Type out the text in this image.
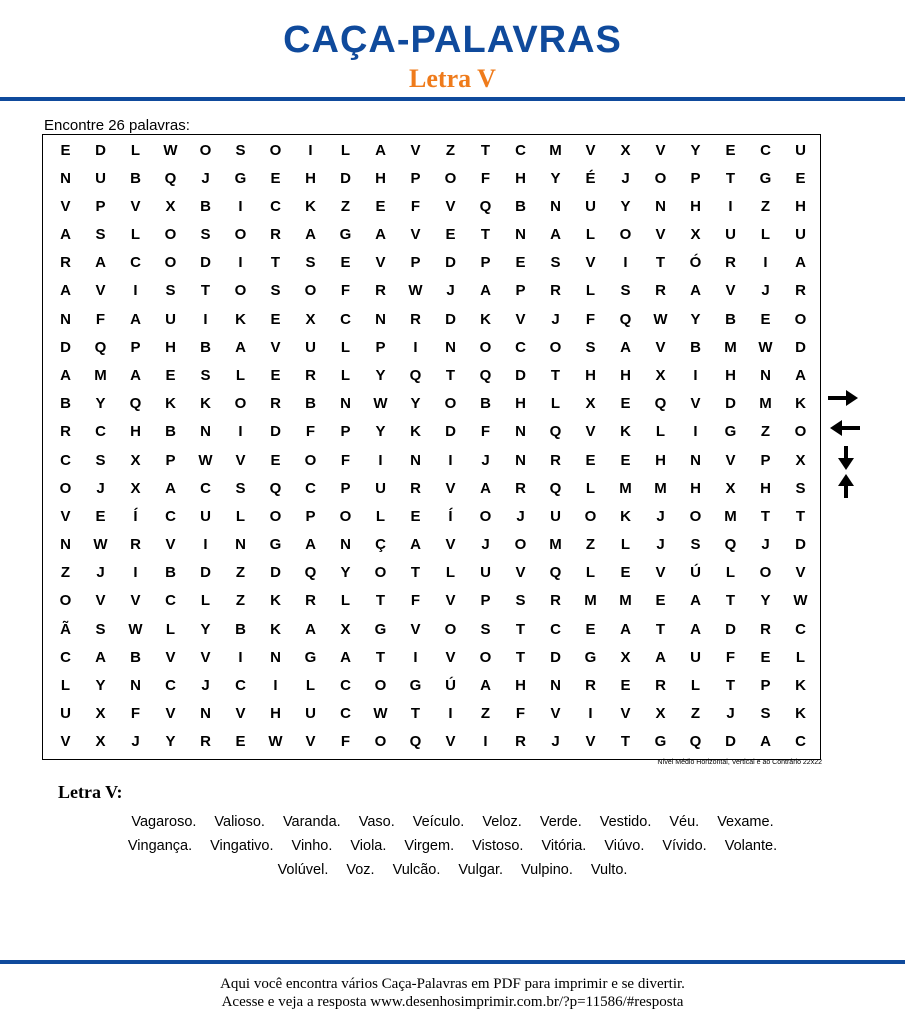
CAÇA-PALAVRAS
Letra V
Encontre 26 palavras:
E	D	L	W	O	S	O	I	L	A	V	Z	T	C	M	V	X	V	Y	E	C	U
N	U	B	Q	J	G	E	H	D	H	P	O	F	H	Y	É	J	O	P	T	G	E
V	P	V	X	B	I	C	K	Z	E	F	V	Q	B	N	U	Y	N	H	I	Z	H
A	S	L	O	S	O	R	A	G	A	V	E	T	N	A	L	O	V	X	U	L	U
R	A	C	O	D	I	T	S	E	V	P	D	P	E	S	V	I	T	Ó	R	I	A
A	V	I	S	T	O	S	O	F	R	W	J	A	P	R	L	S	R	A	V	J	R
N	F	A	U	I	K	E	X	C	N	R	D	K	V	J	F	Q	W	Y	B	E	O
D	Q	P	H	B	A	V	U	L	P	I	N	O	C	O	S	A	V	B	M	W	D
A	M	A	E	S	L	E	R	L	Y	Q	T	Q	D	T	H	H	X	I	H	N	A
B	Y	Q	K	K	O	R	B	N	W	Y	O	B	H	L	X	E	Q	V	D	M	K
R	C	H	B	N	I	D	F	P	Y	K	D	F	N	Q	V	K	L	I	G	Z	O
C	S	X	P	W	V	E	O	F	I	N	I	J	N	R	E	E	H	N	V	P	X
O	J	X	A	C	S	Q	C	P	U	R	V	A	R	Q	L	M	M	H	X	H	S
V	E	Í	C	U	L	O	P	O	L	E	Í	O	J	U	O	K	J	O	M	T	T
N	W	R	V	I	N	G	A	N	Ç	A	V	J	O	M	Z	L	J	S	Q	J	D
Z	J	I	B	D	Z	D	Q	Y	O	T	L	U	V	Q	L	E	V	Ú	L	O	V
O	V	V	C	L	Z	K	R	L	T	F	V	P	S	R	M	M	E	A	T	Y	W
Ã	S	W	L	Y	B	K	A	X	G	V	O	S	T	C	E	A	T	A	D	R	C
C	A	B	V	V	I	N	G	A	T	I	V	O	T	D	G	X	A	U	F	E	L
L	Y	N	C	J	C	I	L	C	O	G	Ú	A	H	N	R	E	R	L	T	P	K
U	X	F	V	N	V	H	U	C	W	T	I	Z	F	V	I	V	X	Z	J	S	K
V	X	J	Y	R	E	W	V	F	O	Q	V	I	R	J	V	T	G	Q	D	A	C
Nível Médio Horizontal, Vertical e ao Contrário 22x22
Letra V:
Vagaroso. Valioso. Varanda. Vaso. Veículo. Veloz. Verde. Vestido. Véu. Vexame.
Vingança. Vingativo. Vinho. Viola. Virgem. Vistoso. Vitória. Viúvo. Vívido. Volante.
Volúvel. Voz. Vulcão. Vulgar. Vulpino. Vulto.
Aqui você encontra vários Caça-Palavras em PDF para imprimir e se divertir.
Acesse e veja a resposta www.desenhosimprimir.com.br/?p=11586/#resposta
